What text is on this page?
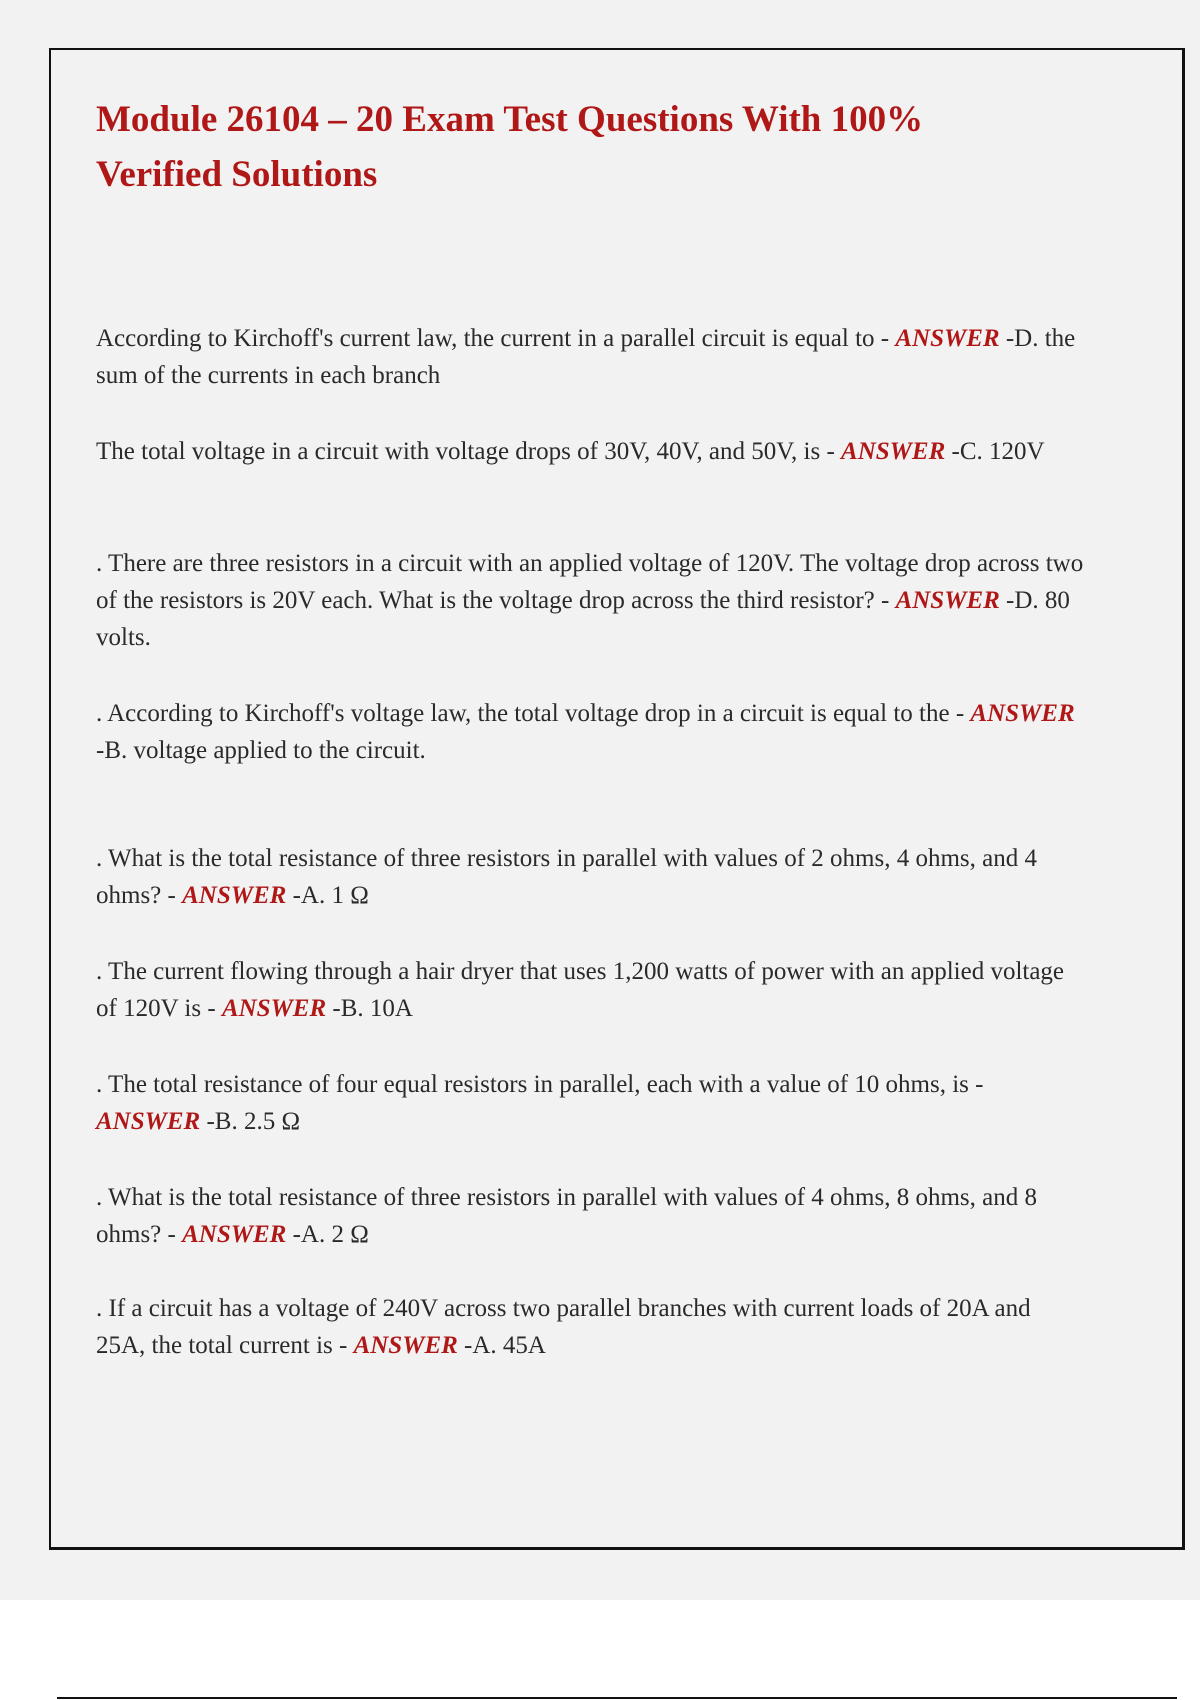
Module 26104 – 20 Exam Test Questions With 100% Verified Solutions

According to Kirchoff's current law, the current in a parallel circuit is equal to - ANSWER -D. the sum of the currents in each branch

The total voltage in a circuit with voltage drops of 30V, 40V, and 50V, is - ANSWER -C. 120V

. There are three resistors in a circuit with an applied voltage of 120V. The voltage drop across two of the resistors is 20V each. What is the voltage drop across the third resistor? - ANSWER -D. 80 volts.

. According to Kirchoff's voltage law, the total voltage drop in a circuit is equal to the - ANSWER -B. voltage applied to the circuit.

. What is the total resistance of three resistors in parallel with values of 2 ohms, 4 ohms, and 4 ohms? - ANSWER -A. 1 Ω

. The current flowing through a hair dryer that uses 1,200 watts of power with an applied voltage of 120V is - ANSWER -B. 10A

. The total resistance of four equal resistors in parallel, each with a value of 10 ohms, is - ANSWER -B. 2.5 Ω

. What is the total resistance of three resistors in parallel with values of 4 ohms, 8 ohms, and 8 ohms? - ANSWER -A. 2 Ω

. If a circuit has a voltage of 240V across two parallel branches with current loads of 20A and 25A, the total current is - ANSWER -A. 45A
